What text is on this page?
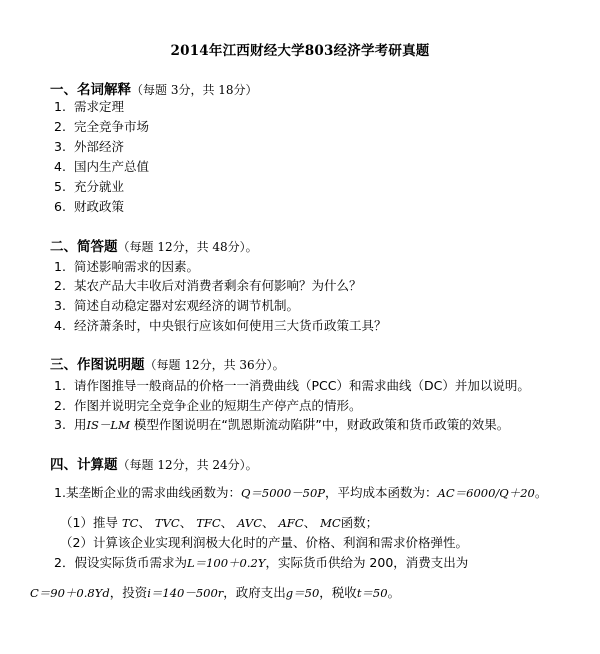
2014年江西财经大学803经济学考研真题
一、名词解释（每题 3分，共 18分）
1. 需求定理
2. 完全竞争市场
3. 外部经济
4. 国内生产总值
5. 充分就业
6. 财政政策
二、简答题（每题 12分，共 48分）。
1. 简述影响需求的因素。
2. 某农产品大丰收后对消费者剩余有何影响？为什么？
3. 简述自动稳定器对宏观经济的调节机制。
4. 经济萧条时，中央银行应该如何使用三大货币政策工具？
三、作图说明题（每题 12分，共 36分）。
1. 请作图推导一般商品的价格一一消费曲线（PCC）和需求曲线（DC）并加以说明。
2. 作图并说明完全竞争企业的短期生产停产点的情形。
3. 用IS－LM 模型作图说明在“凯恩斯流动陷阱”中，财政政策和货币政策的效果。
四、计算题（每题 12分，共 24分）。
1.某垄断企业的需求曲线函数为：Q＝5000－50P，平均成本函数为：AC＝6000/Q＋20。
（1）推导 TC、 TVC、 TFC、 AVC、 AFC、 MC函数；
（2）计算该企业实现利润极大化时的产量、价格、利润和需求价格弹性。
2．假设实际货币需求为L＝100＋0.2Y，实际货币供给为 200，消费支出为
C＝90＋0.8Yd，投资i＝140－500r，政府支出g＝50，税收t＝50。
